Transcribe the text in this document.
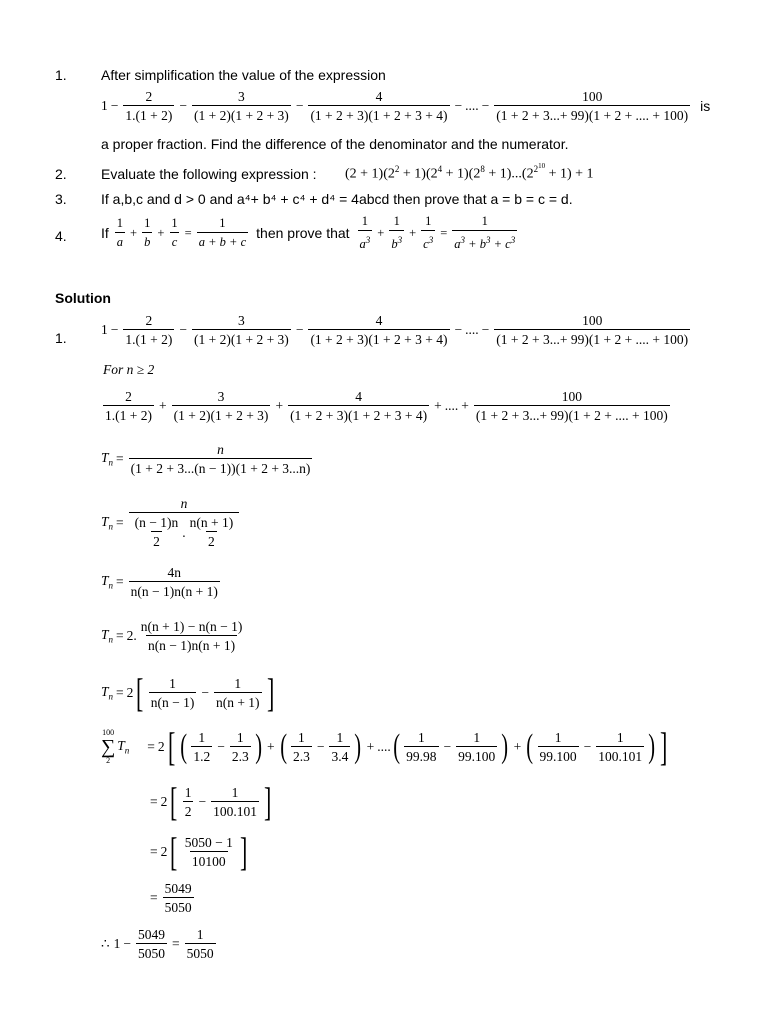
1. After simplification the value of the expression
$1 - \frac{2}{1.(1 + 2)} - \frac{3}{(1 + 2)(1 + 2 + 3)} - \frac{4}{(1 + 2 + 3)(1 + 2 + 3 + 4)}$ − .... − $\frac{100}{(1 + 2 + 3...+ 99)(1 + 2 + .... + 100)}$ is
a proper fraction. Find the difference of the denominator and the numerator.
2. Evaluate the following expression : $(2 + 1)(2^2 + 1)(2^4 + 1)(2^8 + 1)...(2^{2^{10}} + 1) + 1$
3. If a,b,c and d > 0 and a⁴+ b⁴ + c⁴ + d⁴ = 4abcd then prove that a = b = c = d.
4. If $\frac{1}{a} + \frac{1}{b} + \frac{1}{c} = \frac{1}{a + b + c}$ then prove that $\frac{1}{a^3} + \frac{1}{b^3} + \frac{1}{c^3} = \frac{1}{a^3 + b^3 + c^3}$
Solution
1.
$1 - \frac{2}{1.(1 + 2)} - \frac{3}{(1 + 2)(1 + 2 + 3)} - \frac{4}{(1 + 2 + 3)(1 + 2 + 3 + 4)}$ − .... − $\frac{100}{(1 + 2 + 3...+ 99)(1 + 2 + .... + 100)}$
For n ≥ 2
$\frac{2}{1.(1 + 2)} + \frac{3}{(1 + 2)(1 + 2 + 3)} + \frac{4}{(1 + 2 + 3)(1 + 2 + 3 + 4)}$ + .... + $\frac{100}{(1 + 2 + 3...+ 99)(1 + 2 + .... + 100)}$
$T_n = \frac{n}{(1 + 2 + 3...(n - 1))(1 + 2 + 3...n)}$
$T_n = \frac{n}{\frac{(n - 1)n}{2} . \frac{n(n + 1)}{2}}$
$T_n = \frac{4n}{n(n - 1)n(n + 1)}$
$T_n = 2$. $\frac{n(n + 1) - n(n - 1)}{n(n - 1)n(n + 1)}$
$T_n = 2$ [ $\frac{1}{n(n - 1)} - \frac{1}{n(n + 1)}$ ]
100
∑
2
$T_n = 2$ [ ( $\frac{1}{1.2} - \frac{1}{2.3}$ ) + ( $\frac{1}{2.3} - \frac{1}{3.4}$ ) + .... ( $\frac{1}{99.98} - \frac{1}{99.100}$ ) + ( $\frac{1}{99.100} - \frac{1}{100.101}$ ) ]
= 2 [ $\frac{1}{2} - \frac{1}{100.101}$ ]
= 2 [ $\frac{5050 - 1}{10100}$ ]
= $\frac{5049}{5050}$
∴ $1 - \frac{5049}{5050} = \frac{1}{5050}$
